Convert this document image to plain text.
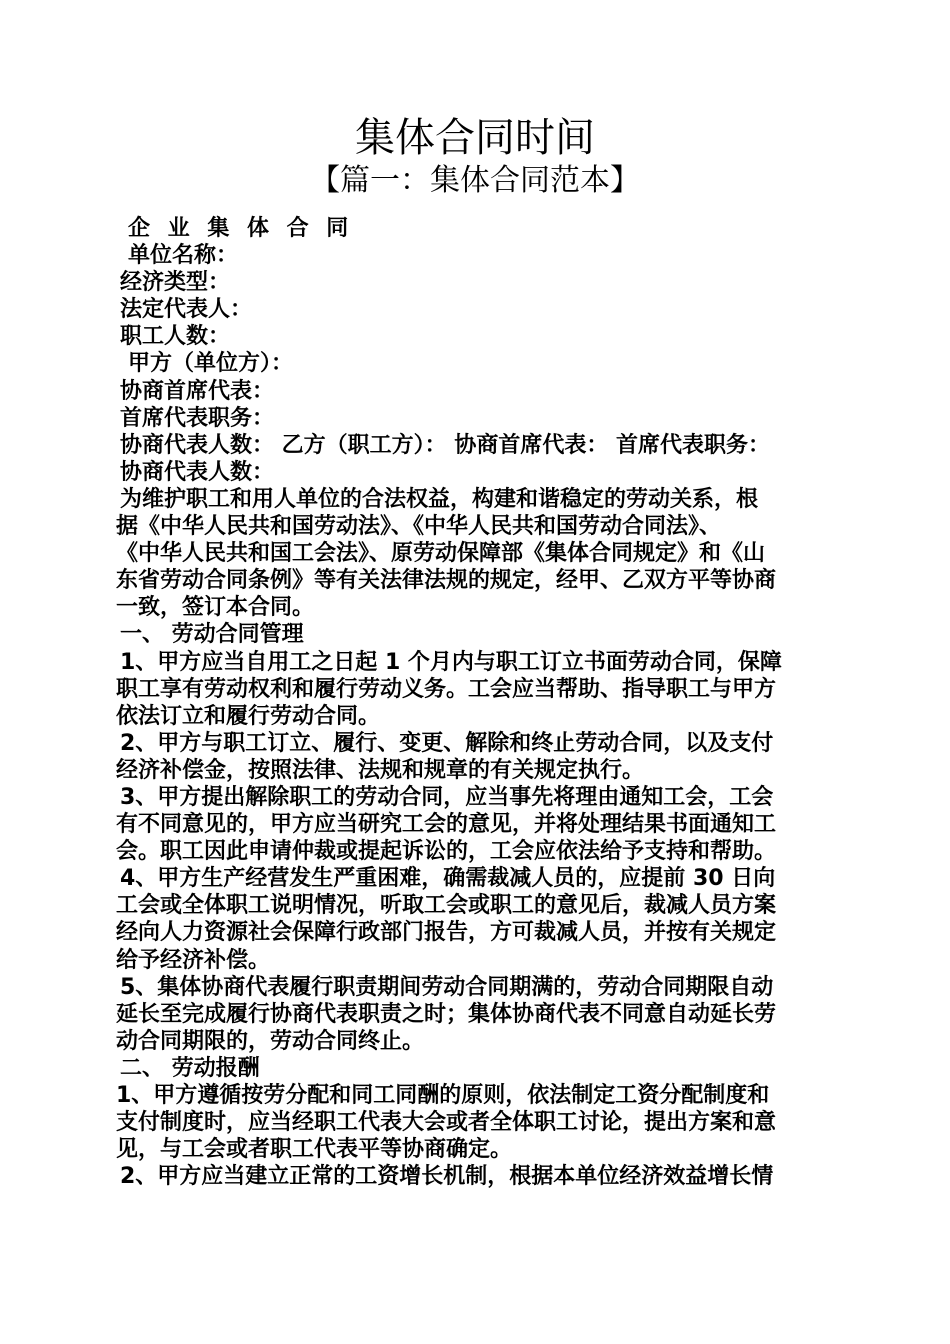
集体合同时间
【篇一：集体合同范本】
企 业 集 体 合 同
单位名称：
经济类型：
法定代表人：
职工人数：
甲方（单位方）：
协商首席代表：
首席代表职务：
协商代表人数： 乙方（职工方）： 协商首席代表： 首席代表职务：
协商代表人数：
为维护职工和用人单位的合法权益，构建和谐稳定的劳动关系，根
据《中华人民共和国劳动法》、《中华人民共和国劳动合同法》、
《中华人民共和国工会法》、原劳动保障部《集体合同规定》和《山
东省劳动合同条例》等有关法律法规的规定，经甲、乙双方平等协商
一致，签订本合同。
一、 劳动合同管理
1、甲方应当自用工之日起 1 个月内与职工订立书面劳动合同，保障
职工享有劳动权利和履行劳动义务。工会应当帮助、指导职工与甲方
依法订立和履行劳动合同。
2、甲方与职工订立、履行、变更、解除和终止劳动合同，以及支付
经济补偿金，按照法律、法规和规章的有关规定执行。
3、甲方提出解除职工的劳动合同，应当事先将理由通知工会，工会
有不同意见的，甲方应当研究工会的意见，并将处理结果书面通知工
会。职工因此申请仲裁或提起诉讼的，工会应依法给予支持和帮助。
4、甲方生产经营发生严重困难，确需裁减人员的，应提前 30 日向
工会或全体职工说明情况，听取工会或职工的意见后，裁减人员方案
经向人力资源社会保障行政部门报告，方可裁减人员，并按有关规定
给予经济补偿。
5、集体协商代表履行职责期间劳动合同期满的，劳动合同期限自动
延长至完成履行协商代表职责之时；集体协商代表不同意自动延长劳
动合同期限的，劳动合同终止。
二、 劳动报酬
1、甲方遵循按劳分配和同工同酬的原则，依法制定工资分配制度和
支付制度时，应当经职工代表大会或者全体职工讨论，提出方案和意
见，与工会或者职工代表平等协商确定。
2、甲方应当建立正常的工资增长机制，根据本单位经济效益增长情
